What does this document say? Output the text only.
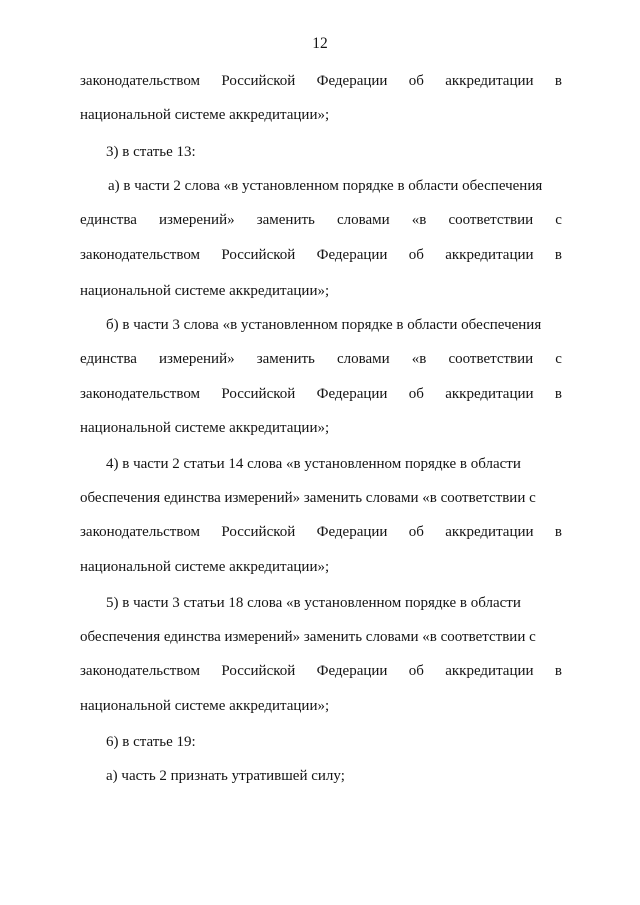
12
законодательством Российской Федерации об аккредитации в
национальной системе аккредитации»;
3) в статье 13:
а) в части 2 слова «в установленном порядке в области обеспечения
единства измерений» заменить словами «в соответствии с
законодательством Российской Федерации об аккредитации в
национальной системе аккредитации»;
б) в части 3 слова «в установленном порядке в области обеспечения
единства измерений» заменить словами «в соответствии с
законодательством Российской Федерации об аккредитации в
национальной системе аккредитации»;
4) в части 2 статьи 14 слова «в установленном порядке в области
обеспечения единства измерений» заменить словами «в соответствии с
законодательством Российской Федерации об аккредитации в
национальной системе аккредитации»;
5) в части 3 статьи 18 слова «в установленном порядке в области
обеспечения единства измерений» заменить словами «в соответствии с
законодательством Российской Федерации об аккредитации в
национальной системе аккредитации»;
6) в статье 19:
а) часть 2 признать утратившей силу;
